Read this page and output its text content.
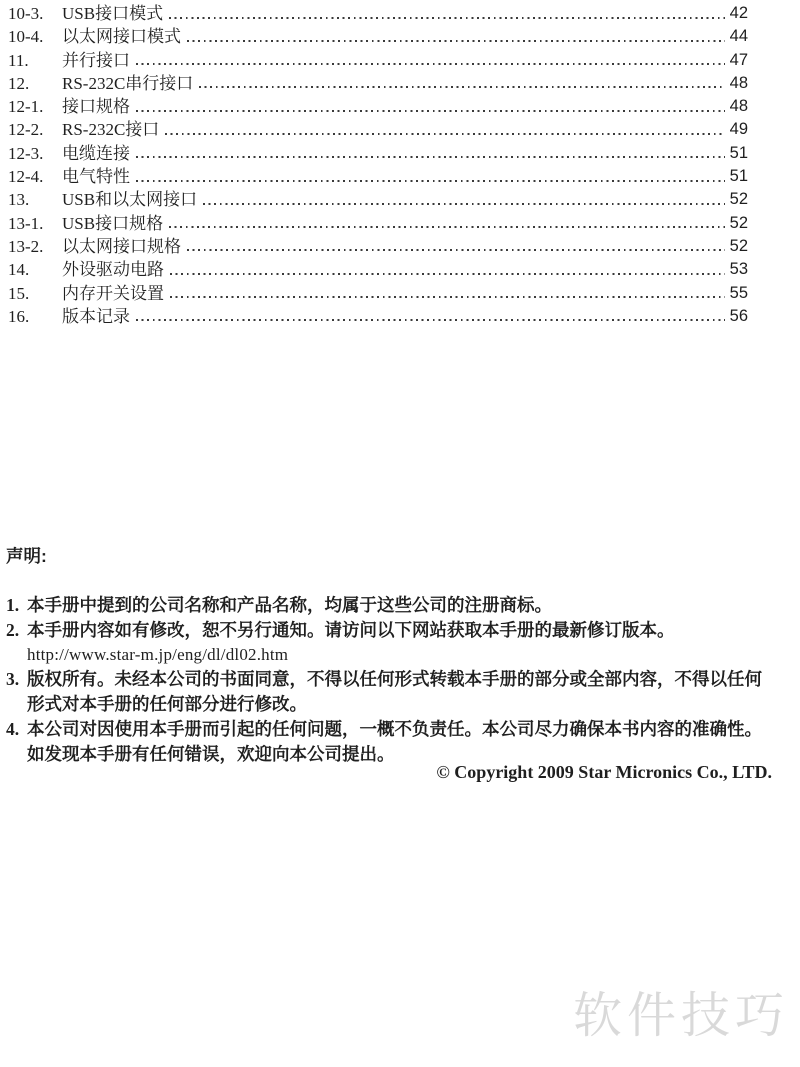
10-3.	USB接口模式	42
10-4.	以太网接口模式	44
11.	并行接口	47
12.	RS-232C串行接口	48
12-1.	接口规格	48
12-2.	RS-232C接口	49
12-3.	电缆连接	51
12-4.	电气特性	51
13.	USB和以太网接口	52
13-1.	USB接口规格	52
13-2.	以太网接口规格	52
14.	外设驱动电路	53
15.	内存开关设置	55
16.	版本记录	56
声明:
1. 本手册中提到的公司名称和产品名称，均属于这些公司的注册商标。
2. 本手册内容如有修改，恕不另行通知。请访问以下网站获取本手册的最新修订版本。
http://www.star-m.jp/eng/dl/dl02.htm
3. 版权所有。未经本公司的书面同意，不得以任何形式转载本手册的部分或全部内容，不得以任何
形式对本手册的任何部分进行修改。
4. 本公司对因使用本手册而引起的任何问题，一概不负责任。本公司尽力确保本书内容的准确性。
如发现本手册有任何错误，欢迎向本公司提出。
© Copyright 2009 Star Micronics Co., LTD.
软件技巧
